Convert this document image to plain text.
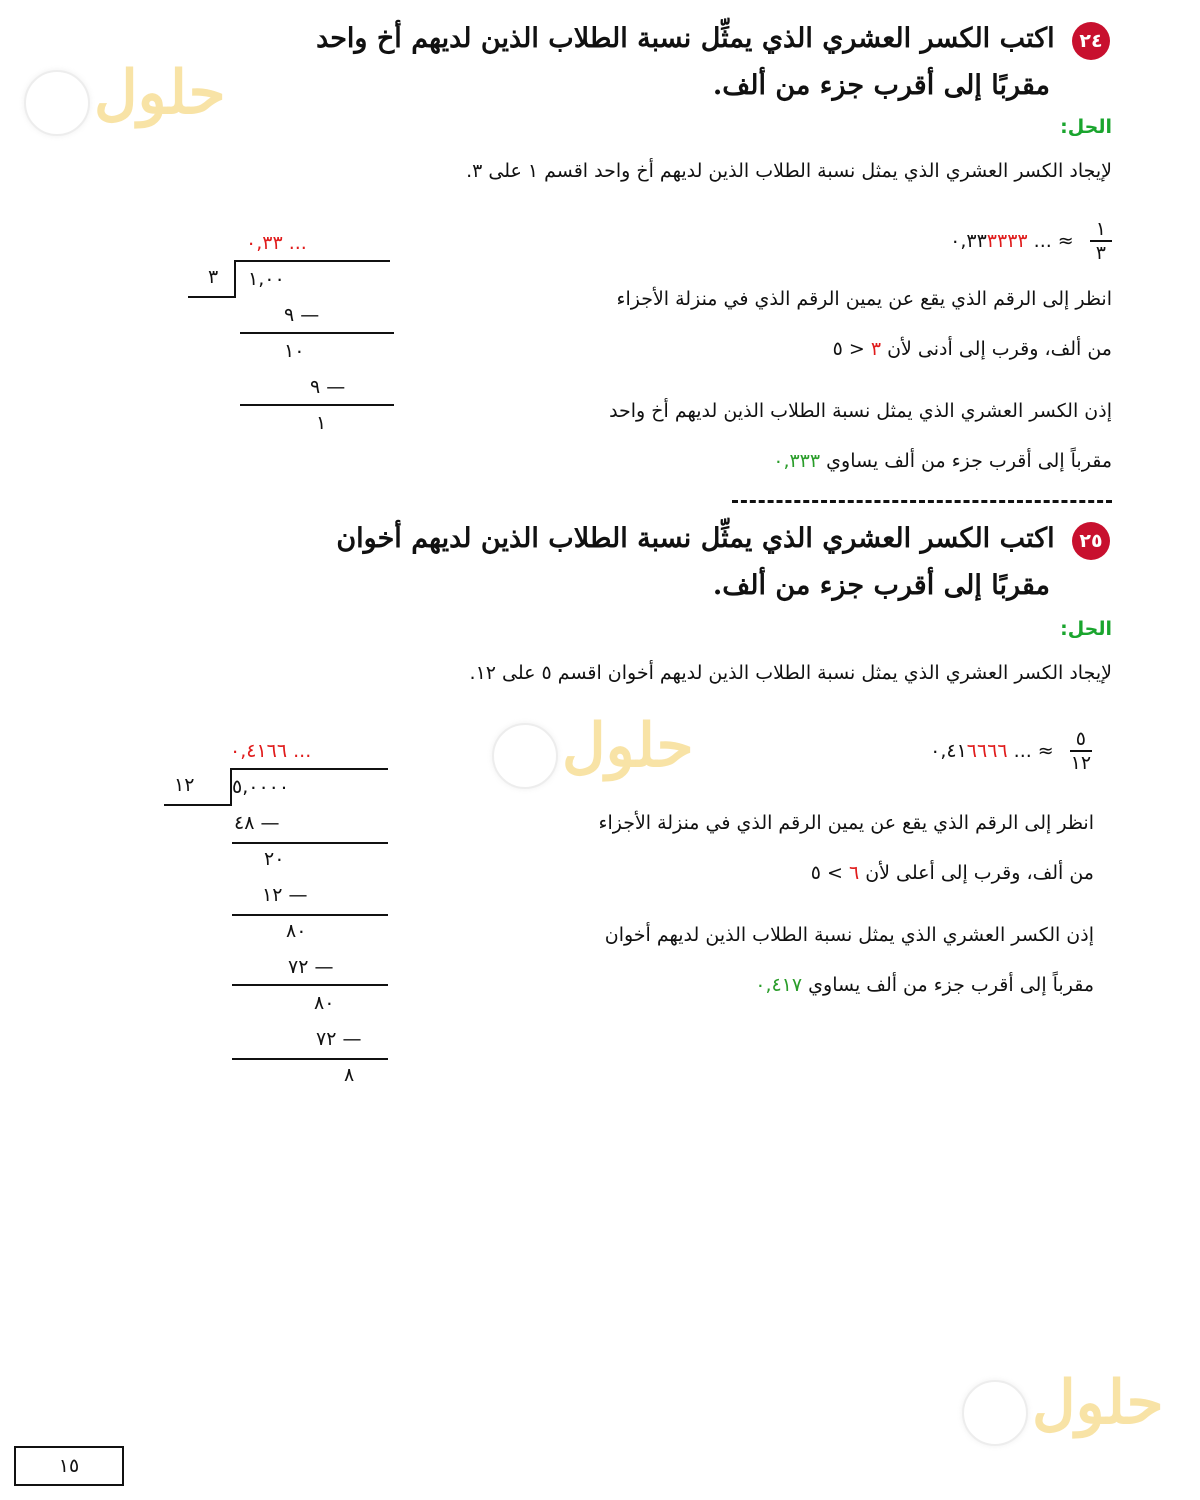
حلول
حلول
حلول
٢٤ اكتب الكسر العشري الذي يمثِّل نسبة الطلاب الذين لديهم أخ واحد
مقربًا إلى أقرب جزء من ألف.
الحل:
لإيجاد الكسر العشري الذي يمثل نسبة الطلاب الذين لديهم أخ واحد اقسم ١ على ٣.
$\frac{١}{٣}$
≈ ... ٠,٣٣٣٣٣٣
انظر إلى الرقم الذي يقع عن يمين الرقم الذي في منزلة الأجزاء
من ألف، وقرب إلى أدنى لأن ٣ < ٥
إذن الكسر العشري الذي يمثل نسبة الطلاب الذين لديهم أخ واحد
مقرباً إلى أقرب جزء من ألف يساوي ٠,٣٣٣
٠,٣٣ ...
٣ ١,٠٠
٩ —
١٠
٩ —
١
٢٥ اكتب الكسر العشري الذي يمثِّل نسبة الطلاب الذين لديهم أخوان
مقربًا إلى أقرب جزء من ألف.
الحل:
لإيجاد الكسر العشري الذي يمثل نسبة الطلاب الذين لديهم أخوان اقسم ٥ على ١٢.
$\frac{٥}{١٢}$
≈ ... ٠,٤١٦٦٦٦
انظر إلى الرقم الذي يقع عن يمين الرقم الذي في منزلة الأجزاء
من ألف، وقرب إلى أعلى لأن ٦ > ٥
إذن الكسر العشري الذي يمثل نسبة الطلاب الذين لديهم أخوان
مقرباً إلى أقرب جزء من ألف يساوي ٠,٤١٧
٠,٤١٦٦ ...
١٢ ٥,٠٠٠٠
٤٨ —
٢٠
١٢ —
٨٠
٧٢ —
٨٠
٧٢ —
٨
١٥
